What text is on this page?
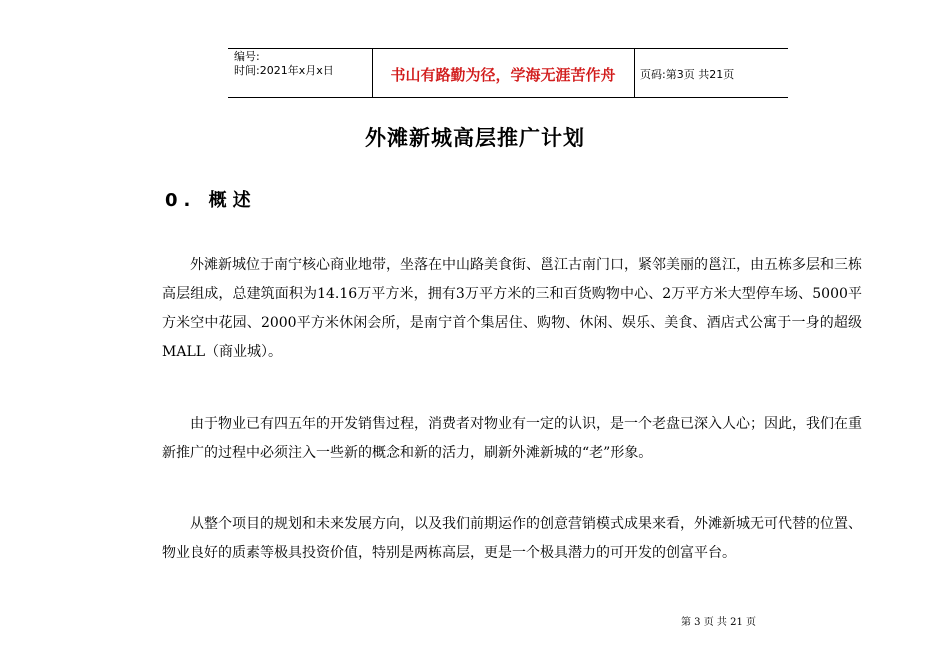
编号:
时间:2021年x月x日	书山有路勤为径，学海无涯苦作舟	页码:第3页 共21页
外滩新城高层推广计划
0. 概述

外滩新城位于南宁核心商业地带，坐落在中山路美食街、邕江古南门口，紧邻美丽的邕江，由五栋多层和三栋高层组成，总建筑面积为14.16万平方米，拥有3万平方米的三和百货购物中心、2万平方米大型停车场、5000平方米空中花园、2000平方米休闲会所，是南宁首个集居住、购物、休闲、娱乐、美食、酒店式公寓于一身的超级MALL（商业城）。

由于物业已有四五年的开发销售过程，消费者对物业有一定的认识，是一个老盘已深入人心；因此，我们在重新推广的过程中必须注入一些新的概念和新的活力，刷新外滩新城的“老”形象。

从整个项目的规划和未来发展方向，以及我们前期运作的创意营销模式成果来看，外滩新城无可代替的位置、物业良好的质素等极具投资价值，特别是两栋高层，更是一个极具潜力的可开发的创富平台。

第 3 页 共 21 页
